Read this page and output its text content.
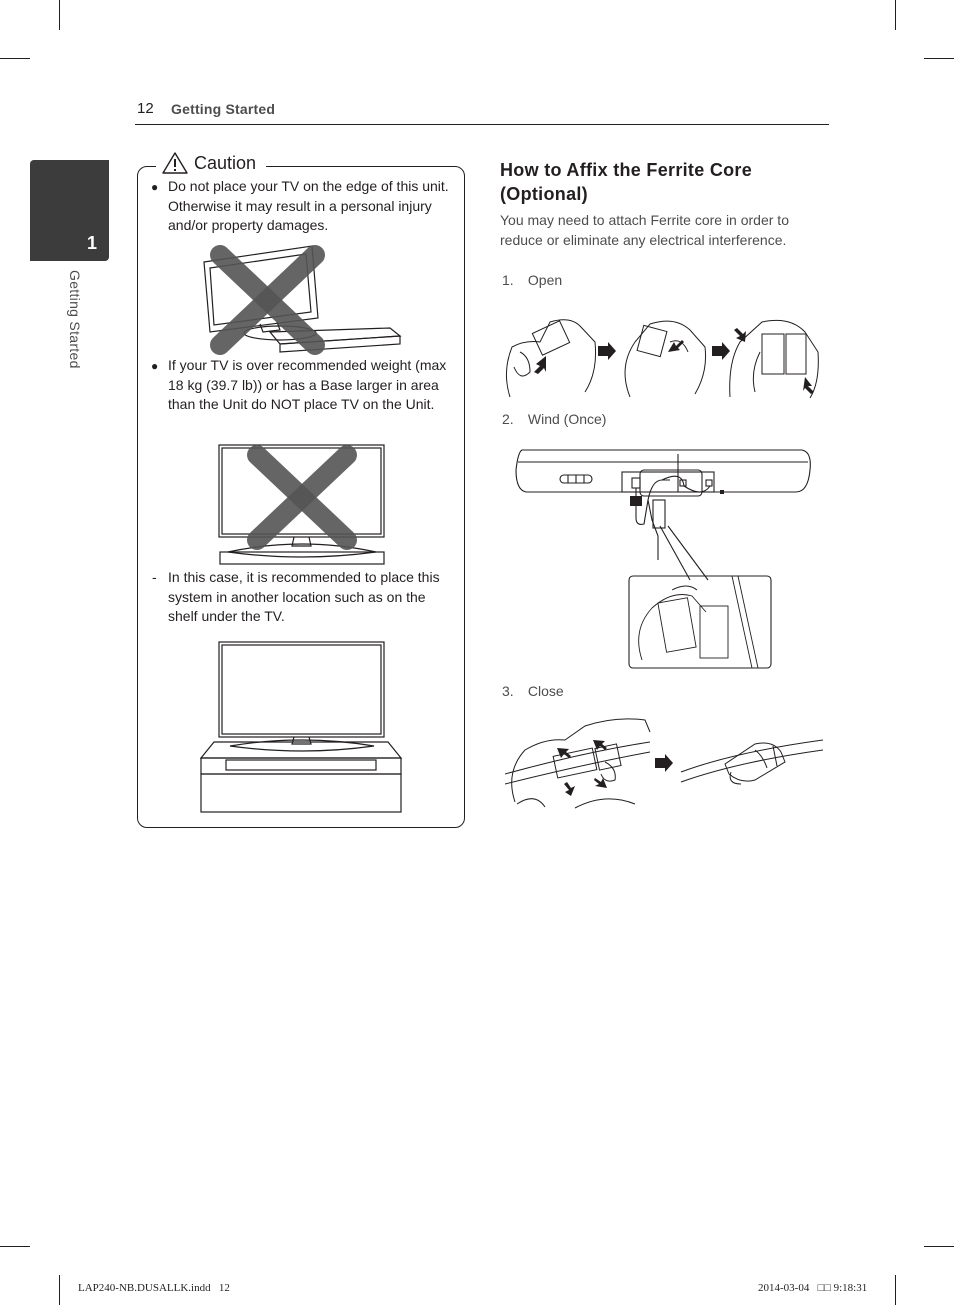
12 Getting Started
1
Getting Started
Caution
● Do not place your TV on the edge of this unit. Otherwise it may result in a personal injury and/or property damages.
● If your TV is over recommended weight (max 18 kg (39.7 lb)) or has a Base larger in area than the Unit do NOT place TV on the Unit.
- In this case, it is recommended to place this system in another location such as on the shelf under the TV.
How to Affix the Ferrite Core (Optional)
You may need to attach Ferrite core in order to reduce or eliminate any electrical interference.
1. Open
2. Wind (Once)
3. Close
LAP240-NB.DUSALLK.indd   12	2014-03-04   □□ 9:18:31
